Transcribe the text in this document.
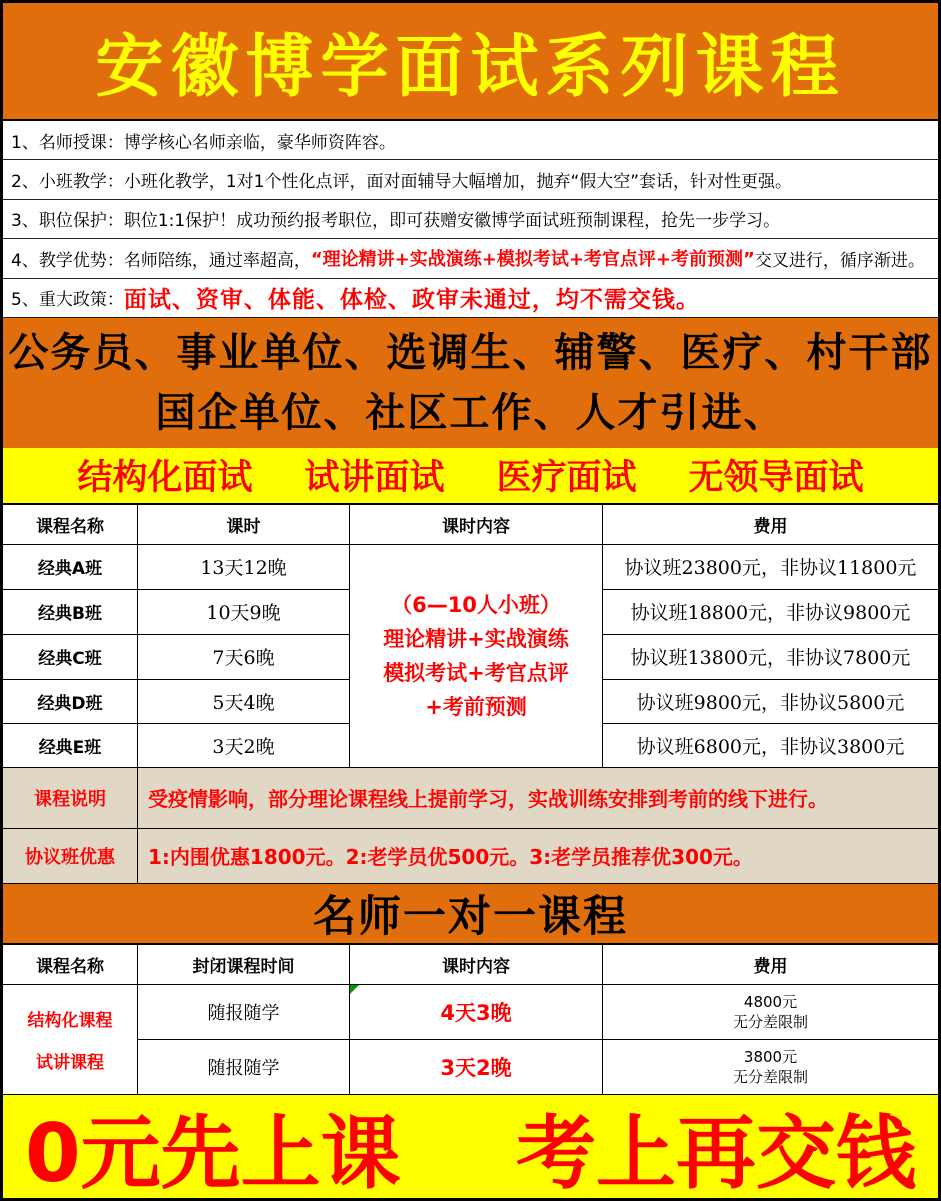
安徽博学面试系列课程
1、名师授课：博学核心名师亲临，豪华师资阵容。
2、小班教学：小班化教学，1对1个性化点评，面对面辅导大幅增加，抛弃“假大空”套话，针对性更强。
3、职位保护：职位1:1保护！成功预约报考职位，即可获赠安徽博学面试班预制课程，抢先一步学习。
4、教学优势：名师陪练，通过率超高， “理论精讲+实战演练+模拟考试+考官点评+考前预测” 交叉进行，循序渐进。
5、重大政策： 面试、资审、体能、体检、政审未通过，均不需交钱。
公务员、事业单位、选调生、辅警、医疗、村干部
国企单位、社区工作、人才引进、
结构化面试 试讲面试 医疗面试 无领导面试
课程名称	课时	课时内容	费用
经典A班	13天12晚	协议班23800元，非协议11800元
经典B班	10天9晚	协议班18800元，非协议9800元
经典C班	7天6晚	协议班13800元，非协议7800元
经典D班	5天4晚	协议班9800元，非协议5800元
经典E班	3天2晚	协议班6800元，非协议3800元
（6—10人小班）
理论精讲+实战演练
模拟考试+考官点评
+考前预测
课程说明	受疫情影响，部分理论课程线上提前学习，实战训练安排到考前的线下进行。
协议班优惠	1:内围优惠1800元。2:老学员优500元。3:老学员推荐优300元。
名师一对一课程
课程名称	封闭课程时间	课时内容	费用
结构化课程
试讲课程
随报随学	4天3晚	4800元
无分差限制
随报随学	3天2晚	3800元
无分差限制
0元先上课 考上再交钱
